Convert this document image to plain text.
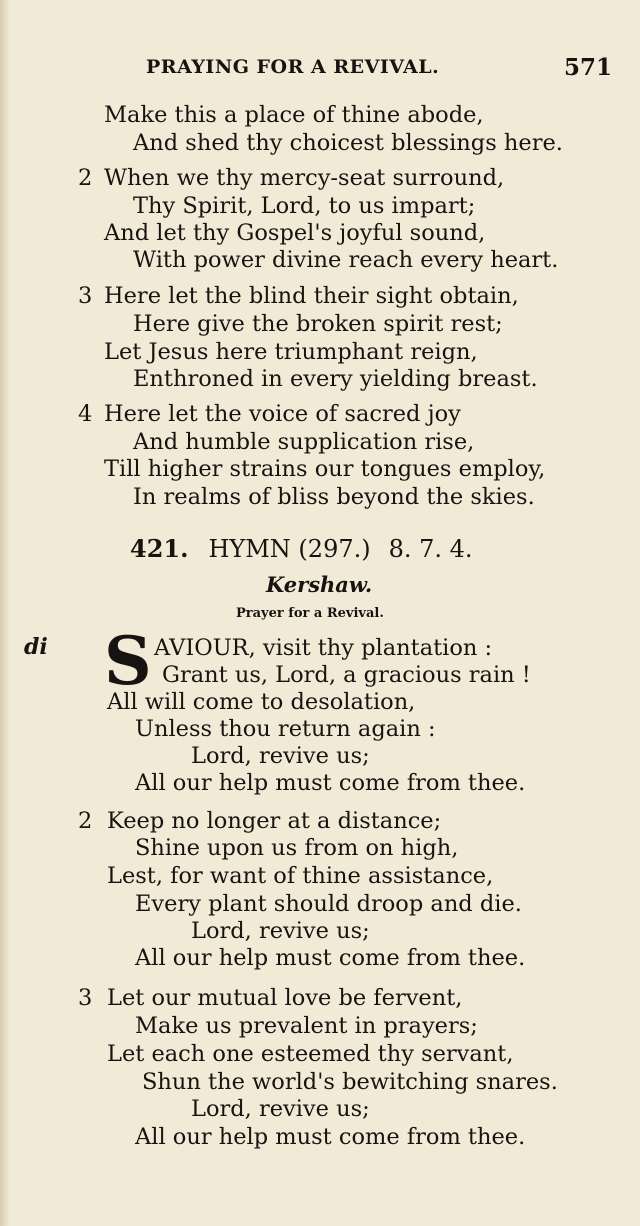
PRAYING FOR A REVIVAL.	571
Make this a place of thine abode,
And shed thy choicest blessings here.
2 When we thy mercy-seat surround,
Thy Spirit, Lord, to us impart;
And let thy Gospel's joyful sound,
With power divine reach every heart.
3 Here let the blind their sight obtain,
Here give the broken spirit rest;
Let Jesus here triumphant reign,
Enthroned in every yielding breast.
4 Here let the voice of sacred joy
And humble supplication rise,
Till higher strains our tongues employ,
In realms of bliss beyond the skies.
421. HYMN (297.) 8. 7. 4.
Kershaw.
Prayer for a Revival.
di S AVIOUR, visit thy plantation :
Grant us, Lord, a gracious rain !
All will come to desolation,
Unless thou return again :
Lord, revive us;
All our help must come from thee.
2 Keep no longer at a distance;
Shine upon us from on high,
Lest, for want of thine assistance,
Every plant should droop and die.
Lord, revive us;
All our help must come from thee.
3 Let our mutual love be fervent,
Make us prevalent in prayers;
Let each one esteemed thy servant,
Shun the world's bewitching snares.
Lord, revive us;
All our help must come from thee.
